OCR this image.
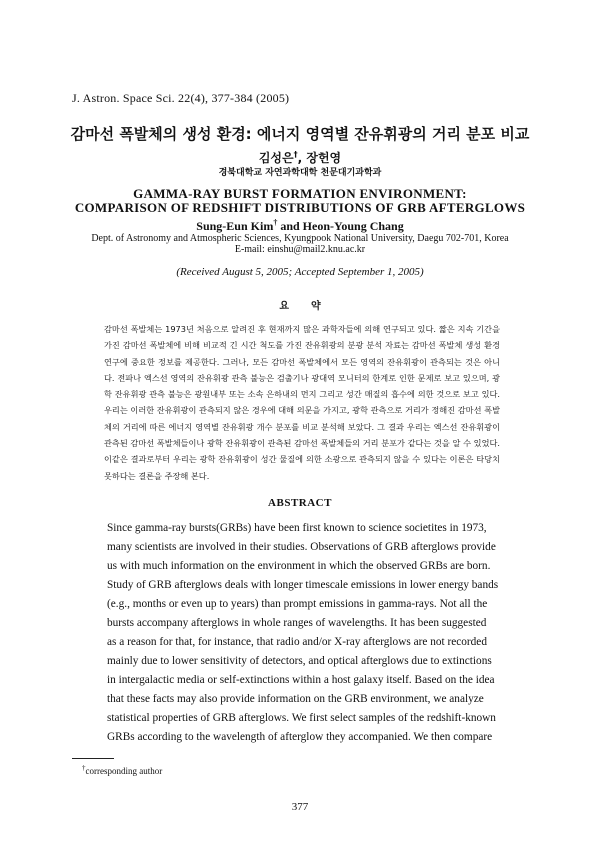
J. Astron. Space Sci. 22(4), 377-384 (2005)
감마선 폭발체의 생성 환경: 에너지 영역별 잔유휘광의 거리 분포 비교
김성은†, 장헌영
경북대학교 자연과학대학 천문대기과학과
GAMMA-RAY BURST FORMATION ENVIRONMENT:
COMPARISON OF REDSHIFT DISTRIBUTIONS OF GRB AFTERGLOWS
Sung-Eun Kim† and Heon-Young Chang
Dept. of Astronomy and Atmospheric Sciences, Kyungpook National University, Daegu 702-701, Korea
E-mail: einshu@mail2.knu.ac.kr
(Received August 5, 2005; Accepted September 1, 2005)
요약
감마선 폭발체는 1973년 처음으로 알려진 후 현재까지 많은 과학자들에 의해 연구되고 있다. 짧은 지속 기간을 가진 감마선 폭발체에 비해 비교적 긴 시간 척도를 가진 잔유휘광의 분광 분석 자료는 감마선 폭발체 생성 환경 연구에 중요한 정보를 제공한다. 그러나, 모든 감마선 폭발체에서 모든 영역의 잔유휘광이 관측되는 것은 아니다. 전파나 엑스선 영역의 잔유휘광 관측 불능은 검출기나 광대역 모니터의 한계로 인한 문제로 보고 있으며, 광학 잔유휘광 관측 불능은 광원내부 또는 소속 은하내의 먼지 그리고 성간 매질의 흡수에 의한 것으로 보고 있다. 우리는 이러한 잔유휘광이 관측되지 않은 경우에 대해 의문을 가지고, 광학 관측으로 거리가 정해진 감마선 폭발체의 거리에 따른 에너지 영역별 잔유휘광 개수 분포를 비교 분석해 보았다. 그 결과 우리는 엑스선 잔유휘광이 관측된 감마선 폭발체들이나 광학 잔유휘광이 관측된 감마선 폭발체들의 거리 분포가 같다는 것을 알 수 있었다. 이같은 결과로부터 우리는 광학 잔유휘광이 성간 물질에 의한 소광으로 관측되지 않을 수 있다는 이론은 타당치 못하다는 결론을 주장해 본다.
ABSTRACT
Since gamma-ray bursts(GRBs) have been first known to science societites in 1973,
many scientists are involved in their studies. Observations of GRB afterglows provide
us with much information on the environment in which the observed GRBs are born.
Study of GRB afterglows deals with longer timescale emissions in lower energy bands
(e.g., months or even up to years) than prompt emissions in gamma-rays. Not all the
bursts accompany afterglows in whole ranges of wavelengths. It has been suggested
as a reason for that, for instance, that radio and/or X-ray afterglows are not recorded
mainly due to lower sensitivity of detectors, and optical afterglows due to extinctions
in intergalactic media or self-extinctions within a host galaxy itself. Based on the idea
that these facts may also provide information on the GRB environment, we analyze
statistical properties of GRB afterglows. We first select samples of the redshift-known
GRBs according to the wavelength of afterglow they accompanied. We then compare
†corresponding author
377
